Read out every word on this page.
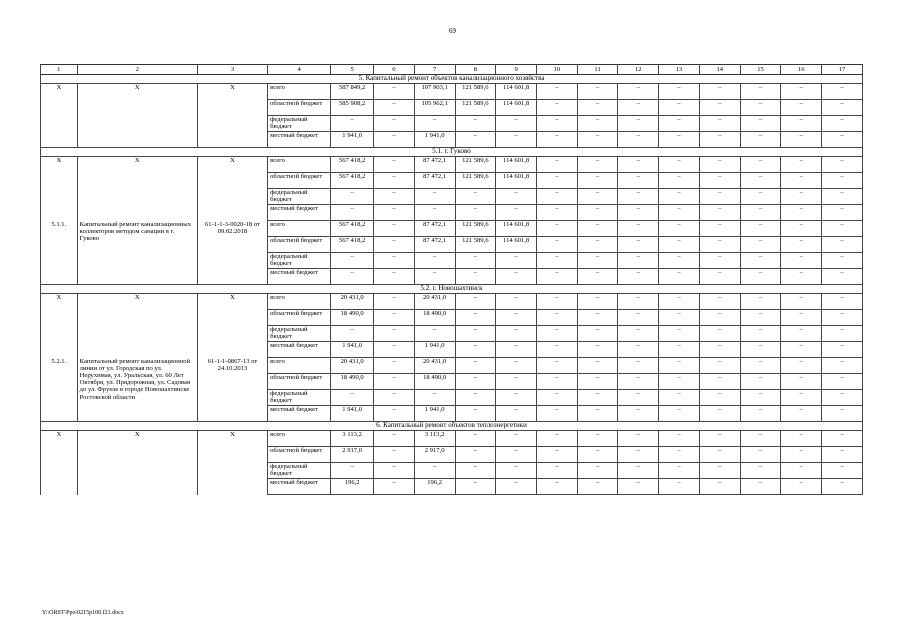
69
1	2	3	4	5	6	7	8	9	10	11	12	13	14	15	16	17
5. Капитальный ремонт объектов канализационного хозяйства																
Х	Х	Х	всего	587 849,2	–	107 903,1	121 589,6	114 601,8	–	–	–	–	–	–	–	–
			областной бюджет	585 908,2	–	105 962,1	121 589,6	114 601,8	–	–	–	–	–	–	–	–
			федеральный бюджет	–	–	–	–	–	–	–	–	–	–	–	–	–
			местный бюджет	1 941,0	–	1 941,0	–	–	–	–	–	–	–	–	–	–
5.1. г. Гуково																
Х	Х	Х	всего	567 418,2	–	87 472,1	121 589,6	114 601,8	–	–	–	–	–	–	–	–
			областной бюджет	567 418,2	–	87 472,1	121 589,6	114 601,8	–	–	–	–	–	–	–	–
			федеральный бюджет	–	–	–	–	–	–	–	–	–	–	–	–	–
			местный бюджет	–	–	–	–	–	–	–	–	–	–	–	–	–
5.1.1.	Капитальный ремонт канализационных коллекторов методом санации в г. Гуково	61-1-1-3-0020-18 от 09.02.2018	всего	567 418,2	–	87 472,1	121 589,6	114 601,8	–	–	–	–	–	–	–	–
			областной бюджет	567 418,2	–	87 472,1	121 589,6	114 601,8	–	–	–	–	–	–	–	–
			федеральный бюджет	–	–	–	–	–	–	–	–	–	–	–	–	–
			местный бюджет	–	–	–	–	–	–	–	–	–	–	–	–	–
5.2. г. Новошахтинск																
Х	Х	Х	всего	20 431,0	–	20 431,0	–	–	–	–	–	–	–	–	–	–
			областной бюджет	18 490,0	–	18 490,0	–	–	–	–	–	–	–	–	–	–
			федеральный бюджет	–	–	–	–	–	–	–	–	–	–	–	–	–
			местный бюджет	1 941,0	–	1 941,0	–	–	–	–	–	–	–	–	–	–
5.2.1.	Капитальный ремонт канализационной линии от ул. Городская по ул. Нерухимая, ул. Уральская, ул. 60 Лет Октября, ул. Прядорожная, ул. Садовая до ул. Фрунзе в городе Новошахтинске Ростовской области	61-1-1-0867-13 от 24.10.2013	всего	20 431,0	–	20 431,0	–	–	–	–	–	–	–	–	–	–
			областной бюджет	18 490,0	–	18 490,0	–	–	–	–	–	–	–	–	–	–
			федеральный бюджет	–	–	–	–	–	–	–	–	–	–	–	–	–
			местный бюджет	1 941,0	–	1 941,0	–	–	–	–	–	–	–	–	–	–
6. Капитальный ремонт объектов теплоэнергетики																
Х	Х	Х	всего	3 113,2	–	3 113,2	–	–	–	–	–	–	–	–	–	–
			областной бюджет	2 917,0	–	2 917,0	–	–	–	–	–	–	–	–	–	–
			федеральный бюджет	–	–	–	–	–	–	–	–	–	–	–	–	–
			местный бюджет	196,2	–	196,2	–	–	–	–	–	–	–	–	–	–
Y:\ORST\Ppo\0215p100.f21.docx
